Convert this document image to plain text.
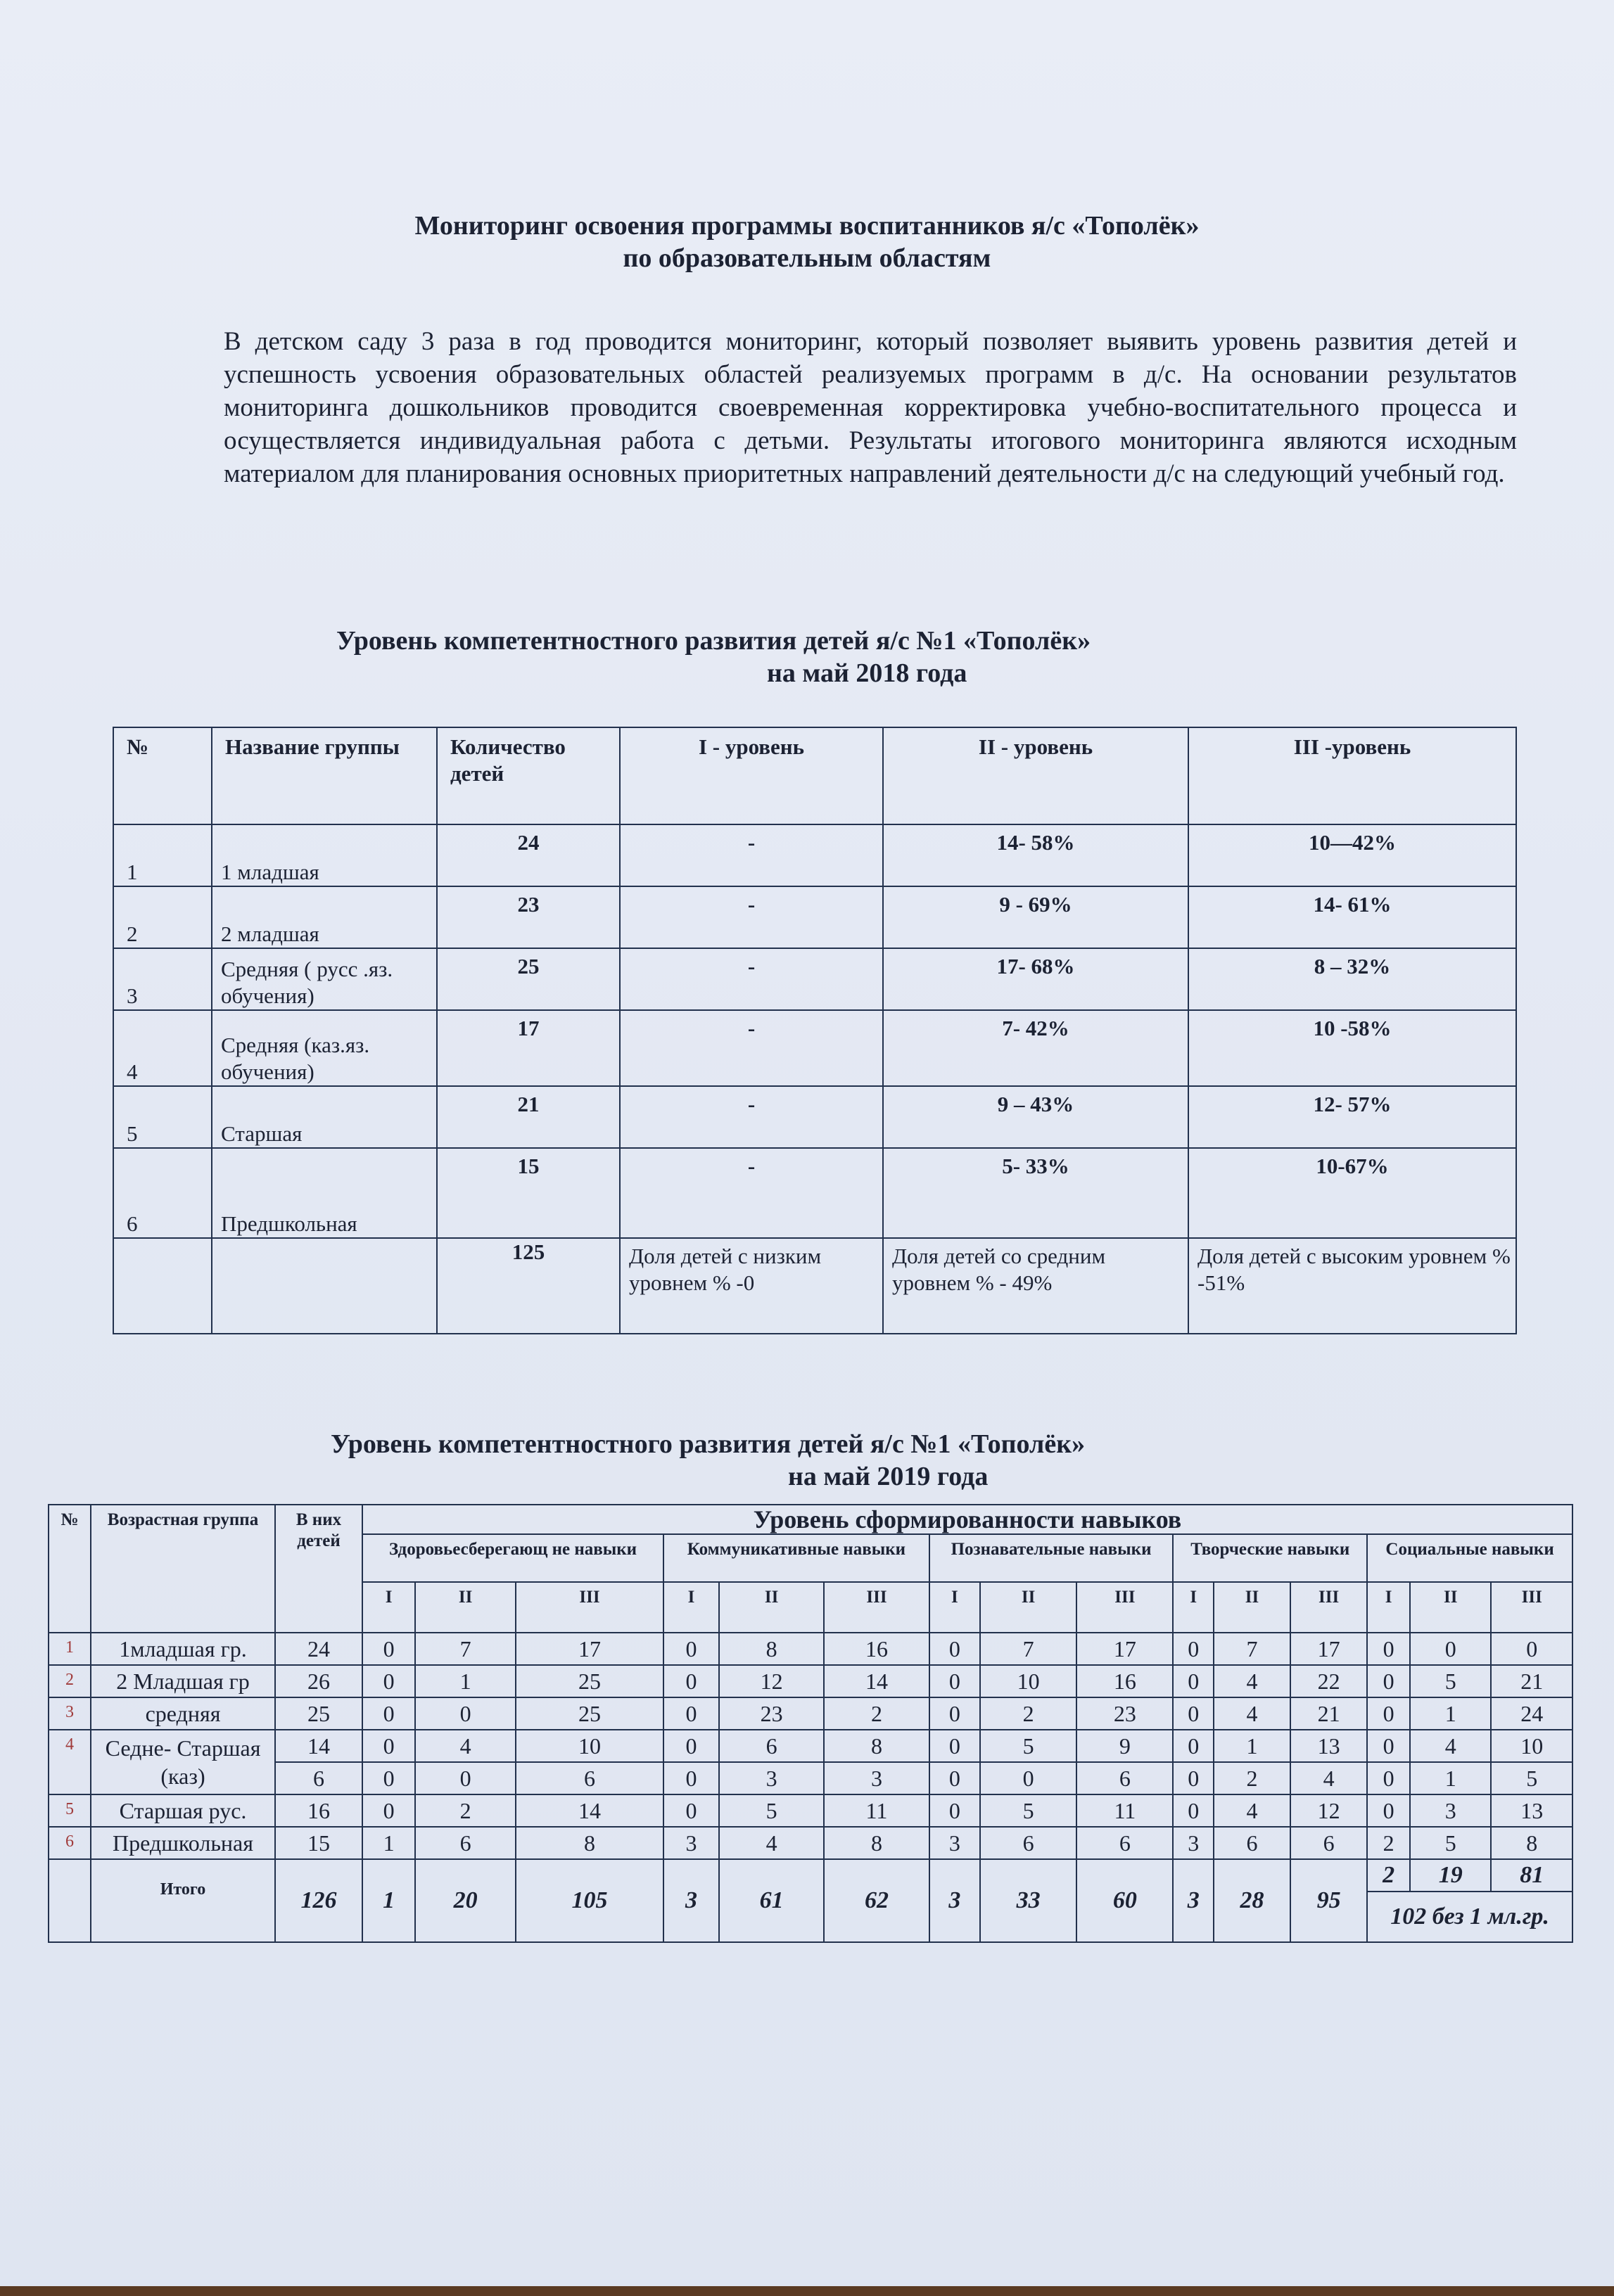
Мониторинг освоения программы воспитанников я/с «Тополёк»
по образовательным областям
В детском саду 3 раза в год проводится мониторинг, который позволяет выявить уровень развития детей и успешность усвоения образовательных областей реализуемых программ в д/с. На основании результатов мониторинга дошкольников проводится своевременная корректировка учебно-воспитательного процесса и осуществляется индивидуальная работа с детьми. Результаты итогового мониторинга являются исходным материалом для планирования основных приоритетных направлений деятельности д/с на следующий учебный год.
Уровень компетентностного развития детей я/с №1 «Тополёк»
на май 2018 года
№	Название группы	Количество детей	I - уровень	II - уровень	III -уровень
1	1 младшая	24	-	14- 58%	10—42%
2	2 младшая	23	-	9 - 69%	14- 61%
3	Средняя ( русс .яз. обучения)	25	-	17- 68%	8 – 32%
4	Средняя (каз.яз. обучения)	17	-	7- 42%	10 -58%
5	Старшая	21	-	9 – 43%	12- 57%
6	Предшкольная	15	-	5- 33%	10-67%
		125	Доля детей с низким уровнем % -0	Доля детей со средним уровнем % - 49%	Доля детей с высоким уровнем % -51%
Уровень компетентностного развития детей я/с №1 «Тополёк»
на май 2019 года
№	Возрастная группа	В них детей	Уровень сформированности навыков														
			Здоровьесберегающ не навыки			Коммуникативные навыки			Познавательные навыки			Творческие навыки			Социальные навыки		
			I	II	III	I	II	III	I	II	III	I	II	III	I	II	III
1	1младшая гр.	24	0	7	17	0	8	16	0	7	17	0	7	17	0	0	0
2	2 Младшая гр	26	0	1	25	0	12	14	0	10	16	0	4	22	0	5	21
3	средняя	25	0	0	25	0	23	2	0	2	23	0	4	21	0	1	24
4	Седне- Старшая (каз)	14	0	4	10	0	6	8	0	5	9	0	1	13	0	4	10
		6	0	0	6	0	3	3	0	0	6	0	2	4	0	1	5
5	Старшая рус.	16	0	2	14	0	5	11	0	5	11	0	4	12	0	3	13
6	Предшкольная	15	1	6	8	3	4	8	3	6	6	3	6	6	2	5	8
	Итого	126	1	20	105	3	61	62	3	33	60	3	28	95	2	19	81
															102 без 1 мл.гр.		
